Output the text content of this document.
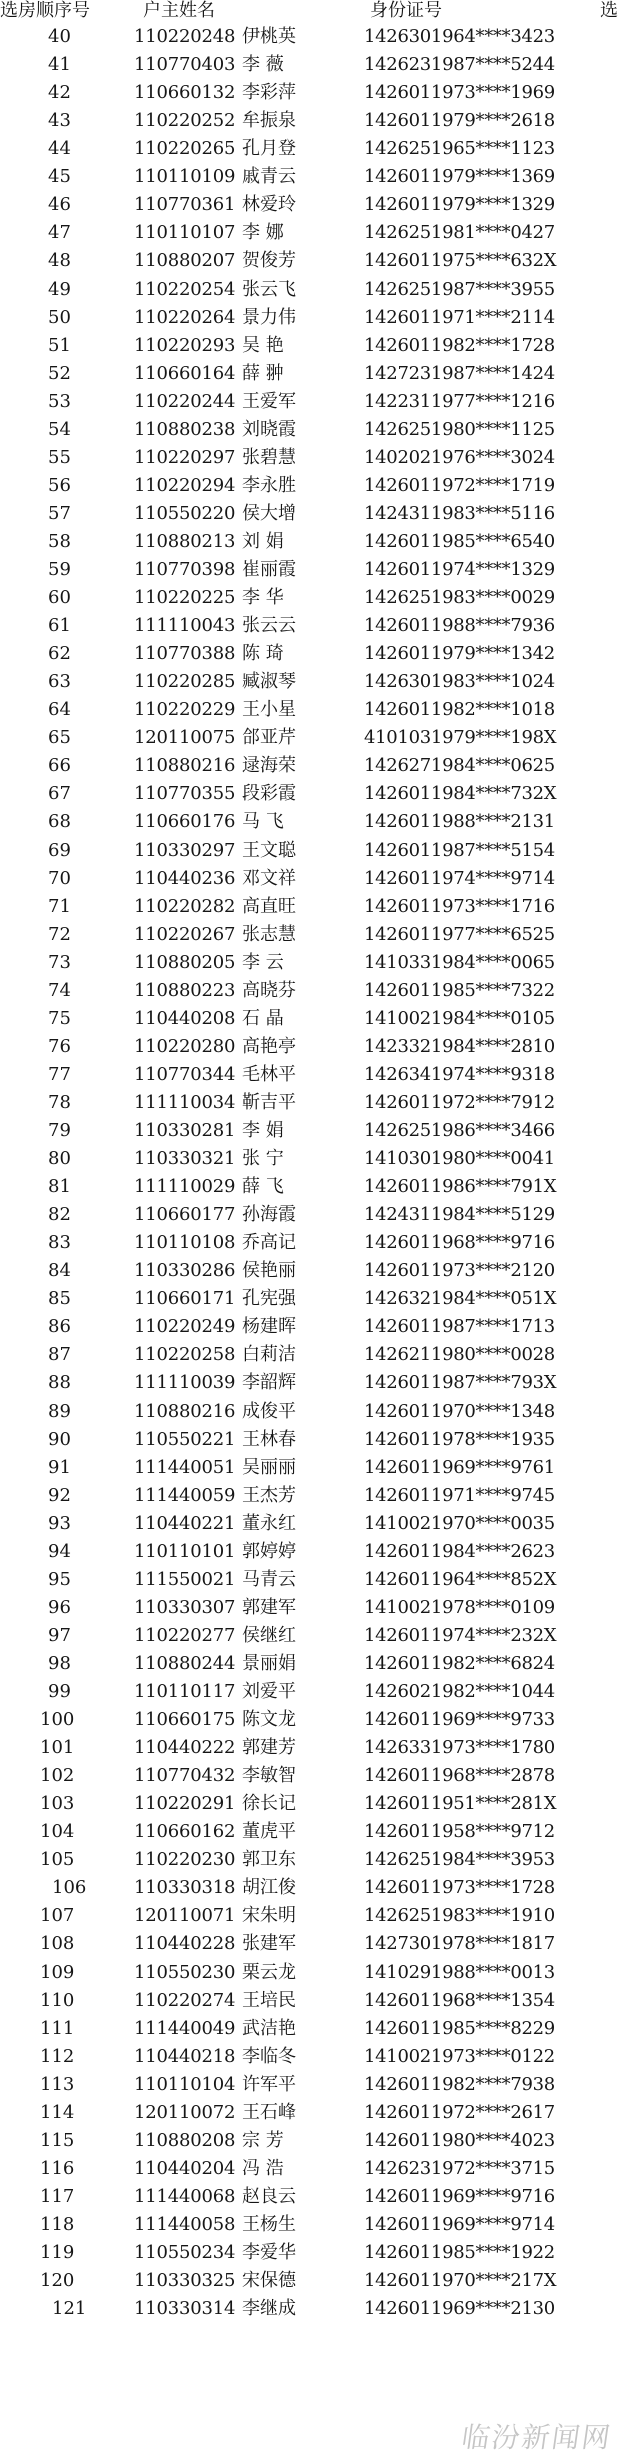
选房顺序号	户主姓名	身份证号	选
40	110220248 伊桃英	1426301964****3423
41	110770403 李 薇	1426231987****5244
42	110660132 李彩萍	1426011973****1969
43	110220252 牟振泉	1426011979****2618
44	110220265 孔月登	1426251965****1123
45	110110109 戚青云	1426011979****1369
46	110770361 林爱玲	1426011979****1329
47	110110107 李 娜	1426251981****0427
48	110880207 贺俊芳	1426011975****632X
49	110220254 张云飞	1426251987****3955
50	110220264 景力伟	1426011971****2114
51	110220293 吴 艳	1426011982****1728
52	110660164 薛 翀	1427231987****1424
53	110220244 王爱军	1422311977****1216
54	110880238 刘晓霞	1426251980****1125
55	110220297 张碧慧	1402021976****3024
56	110220294 李永胜	1426011972****1719
57	110550220 侯大增	1424311983****5116
58	110880213 刘 娟	1426011985****6540
59	110770398 崔丽霞	1426011974****1329
60	110220225 李 华	1426251983****0029
61	111110043 张云云	1426011988****7936
62	110770388 陈 琦	1426011979****1342
63	110220285 臧淑琴	1426301983****1024
64	110220229 王小星	1426011982****1018
65	120110075 郃亚芹	4101031979****198X
66	110880216 逯海荣	1426271984****0625
67	110770355 段彩霞	1426011984****732X
68	110660176 马 飞	1426011988****2131
69	110330297 王文聪	1426011987****5154
70	110440236 邓文祥	1426011974****9714
71	110220282 高直旺	1426011973****1716
72	110220267 张志慧	1426011977****6525
73	110880205 李 云	1410331984****0065
74	110880223 高晓芬	1426011985****7322
75	110440208 石 晶	1410021984****0105
76	110220280 高艳亭	1423321984****2810
77	110770344 毛林平	1426341974****9318
78	111110034 靳吉平	1426011972****7912
79	110330281 李 娟	1426251986****3466
80	110330321 张 宁	1410301980****0041
81	111110029 薛 飞	1426011986****791X
82	110660177 孙海霞	1424311984****5129
83	110110108 乔高记	1426011968****9716
84	110330286 侯艳丽	1426011973****2120
85	110660171 孔宪强	1426321984****051X
86	110220249 杨建晖	1426011987****1713
87	110220258 白莉洁	1426211980****0028
88	111110039 李韶辉	1426011987****793X
89	110880216 成俊平	1426011970****1348
90	110550221 王林春	1426011978****1935
91	111440051 吴丽丽	1426011969****9761
92	111440059 王杰芳	1426011971****9745
93	110440221 董永红	1410021970****0035
94	110110101 郭婷婷	1426011984****2623
95	111550021 马青云	1426011964****852X
96	110330307 郭建军	1410021978****0109
97	110220277 侯继红	1426011974****232X
98	110880244 景丽娟	1426011982****6824
99	110110117 刘爱平	1426021982****1044
100	110660175 陈文龙	1426011969****9733
101	110440222 郭建芳	1426331973****1780
102	110770432 李敏智	1426011968****2878
103	110220291 徐长记	1426011951****281X
104	110660162 董虎平	1426011958****9712
105	110220230 郭卫东	1426251984****3953
106	110330318 胡江俊	1426011973****1728
107	120110071 宋朱明	1426251983****1910
108	110440228 张建军	1427301978****1817
109	110550230 栗云龙	1410291988****0013
110	110220274 王培民	1426011968****1354
111	111440049 武洁艳	1426011985****8229
112	110440218 李临冬	1410021973****0122
113	110110104 许军平	1426011982****7938
114	120110072 王石峰	1426011972****2617
115	110880208 宗 芳	1426011980****4023
116	110440204 冯 浩	1426231972****3715
117	111440068 赵良云	1426011969****9716
118	111440058 王杨生	1426011969****9714
119	110550234 李爱华	1426011985****1922
120	110330325 宋保德	1426011970****217X
121	110330314 李继成	1426011969****2130
临汾新闻网
